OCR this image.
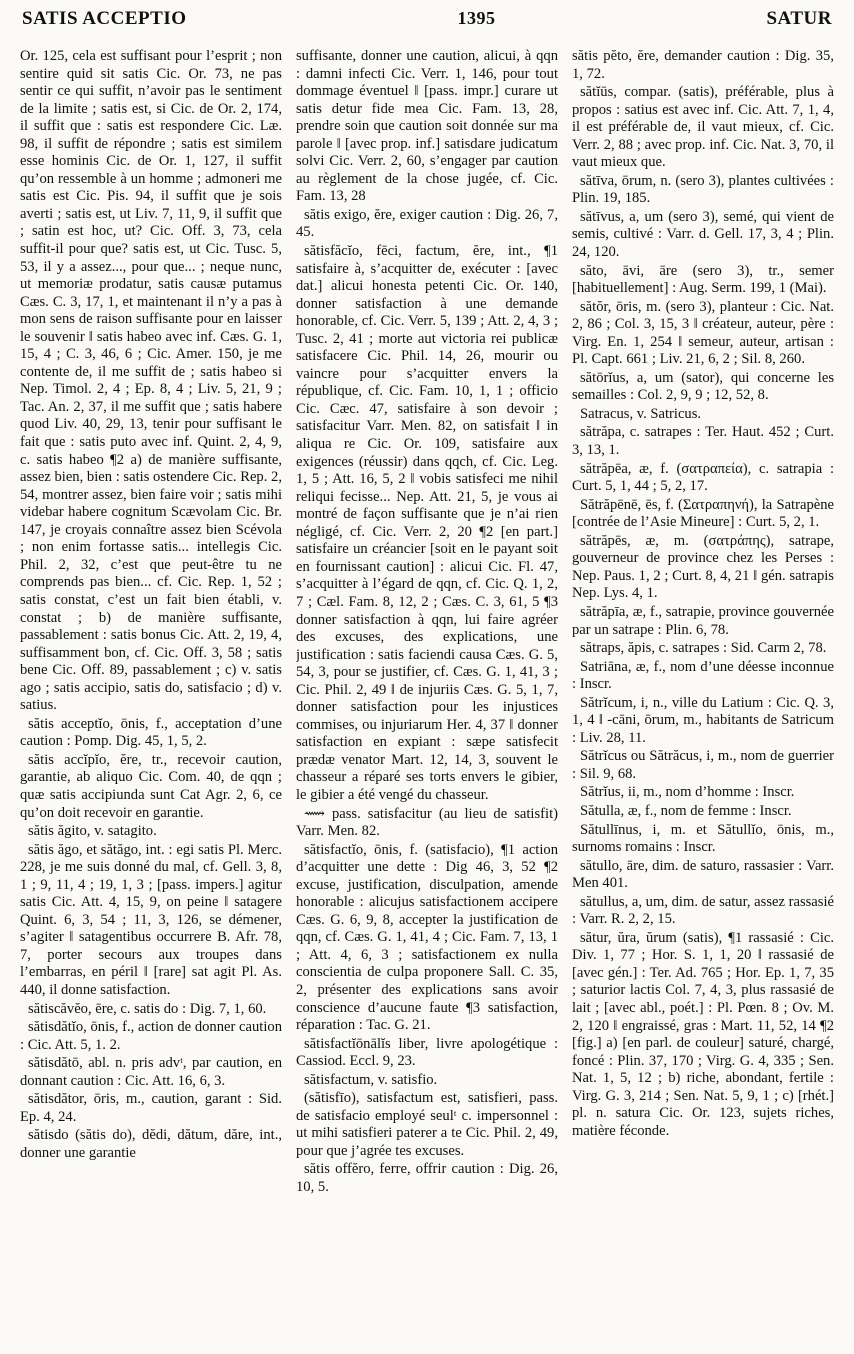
SATIS ACCEPTIO	1395	SATUR

Or. 125, cela est suffisant pour l’esprit ; non sentire quid sit satis Cic. Or. 73, ne pas sentir ce qui suffit, n’avoir pas le sentiment de la limite ; satis est, si Cic. de Or. 2, 174, il suffit que : satis est respondere Cic. Læ. 98, il suffit de répondre ; satis est similem esse hominis Cic. de Or. 1, 127, il suffit qu’on ressemble à un homme ; admoneri me satis est Cic. Pis. 94, il suffit que je sois averti ; satis est, ut Liv. 7, 11, 9, il suffit que ; satin est hoc, ut? Cic. Off. 3, 73, cela suffit-il pour que? satis est, ut Cic. Tusc. 5, 53, il y a assez..., pour que... ; neque nunc, ut memoriæ prodatur, satis causæ putamus Cæs. C. 3, 17, 1, et maintenant il n’y a pas à mon sens de raison suffisante pour en laisser le souvenir ‖ satis habeo avec inf. Cæs. G. 1, 15, 4 ; C. 3, 46, 6 ; Cic. Amer. 150, je me contente de, il me suffit de ; satis habeo si Nep. Timol. 2, 4 ; Ep. 8, 4 ; Liv. 5, 21, 9 ; Tac. An. 2, 37, il me suffit que ; satis habere quod Liv. 40, 29, 13, tenir pour suffisant le fait que : satis puto avec inf. Quint. 2, 4, 9, c. satis habeo ¶2 a) de manière suffisante, assez bien, bien : satis ostendere Cic. Rep. 2, 54, montrer assez, bien faire voir ; satis mihi videbar habere cognitum Scævolam Cic. Br. 147, je croyais connaître assez bien Scévola ; non enim fortasse satis... intellegis Cic. Phil. 2, 32, c’est que peut-être tu ne comprends pas bien... cf. Cic. Rep. 1, 52 ; satis constat, c’est un fait bien établi, v. constat ; b) de manière suffisante, passablement : satis bonus Cic. Att. 2, 19, 4, suffisamment bon, cf. Cic. Off. 3, 58 ; satis bene Cic. Off. 89, passablement ; c) v. satis ago ; satis accipio, satis do, satisfacio ; d) v. satius.

sătis acceptĭo, ōnis, f., acceptation d’une caution : Pomp. Dig. 45, 1, 5, 2.

sătis accĭpĭo, ĕre, tr., recevoir caution, garantie, ab aliquo Cic. Com. 40, de qqn ; quæ satis accipiunda sunt Cat Agr. 2, 6, ce qu’on doit recevoir en garantie.

sătis ăgito, v. satagito.

sătis ăgo, et sătăgo, int. : egi satis Pl. Merc. 228, je me suis donné du mal, cf. Gell. 3, 8, 1 ; 9, 11, 4 ; 19, 1, 3 ; [pass. impers.] agitur satis Cic. Att. 4, 15, 9, on peine ‖ satagere Quint. 6, 3, 54 ; 11, 3, 126, se démener, s’agiter ‖ satagentibus occurrere B. Afr. 78, 7, porter secours aux troupes dans l’embarras, en péril ‖ [rare] sat agit Pl. As. 440, il donne satisfaction.

sătiscăvĕo, ēre, c. satis do : Dig. 7, 1, 60.

sătisdătĭo, ōnis, f., action de donner caution : Cic. Att. 5, 1. 2.

sătisdătō, abl. n. pris advᵗ, par caution, en donnant caution : Cic. Att. 16, 6, 3.

sătisdător, ōris, m., caution, garant : Sid. Ep. 4, 24.

sătisdo (sătis do), dĕdi, dătum, dăre, int., donner une garantie

suffisante, donner une caution, alicui, à qqn : damni infecti Cic. Verr. 1, 146, pour tout dommage éventuel ‖ [pass. impr.] curare ut satis detur fide mea Cic. Fam. 13, 28, prendre soin que caution soit donnée sur ma parole ‖ [avec prop. inf.] satisdare judicatum solvi Cic. Verr. 2, 60, s’engager par caution au règlement de la chose jugée, cf. Cic. Fam. 13, 28

sătis exigo, ĕre, exiger caution : Dig. 26, 7, 45.

sătisfăcĭo, fēci, factum, ĕre, int., ¶1 satisfaire à, s’acquitter de, exécuter : [avec dat.] alicui honesta petenti Cic. Or. 140, donner satisfaction à une demande honorable, cf. Cic. Verr. 5, 139 ; Att. 2, 4, 3 ; Tusc. 2, 41 ; morte aut victoria rei publicæ satisfacere Cic. Phil. 14, 26, mourir ou vaincre pour s’acquitter envers la république, cf. Cic. Fam. 10, 1, 1 ; officio Cic. Cæc. 47, satisfaire à son devoir ; satisfacitur Varr. Men. 82, on satisfait ‖ in aliqua re Cic. Or. 109, satisfaire aux exigences (réussir) dans qqch, cf. Cic. Leg. 1, 5 ; Att. 16, 5, 2 ‖ vobis satisfeci me nihil reliqui fecisse... Nep. Att. 21, 5, je vous ai montré de façon suffisante que je n’ai rien négligé, cf. Cic. Verr. 2, 20 ¶2 [en part.] satisfaire un créancier [soit en le payant soit en fournissant caution] : alicui Cic. Fl. 47, s’acquitter à l’égard de qqn, cf. Cic. Q. 1, 2, 7 ; Cæl. Fam. 8, 12, 2 ; Cæs. C. 3, 61, 5 ¶3 donner satisfaction à qqn, lui faire agréer des excuses, des explications, une justification : satis faciendi causa Cæs. G. 5, 54, 3, pour se justifier, cf. Cæs. G. 1, 41, 3 ; Cic. Phil. 2, 49 ‖ de injuriis Cæs. G. 5, 1, 7, donner satisfaction pour les injustices commises, ou injuriarum Her. 4, 37 ‖ donner satisfaction en expiant : sæpe satisfecit prædæ venator Mart. 12, 14, 3, souvent le chasseur a réparé ses torts envers le gibier, le gibier a été vengé du chasseur.

⟿ pass. satisfacitur (au lieu de satisfit) Varr. Men. 82.

sătisfactĭo, ōnis, f. (satisfacio), ¶1 action d’acquitter une dette : Dig 46, 3, 52 ¶2 excuse, justification, disculpation, amende honorable : alicujus satisfactionem accipere Cæs. G. 6, 9, 8, accepter la justification de qqn, cf. Cæs. G. 1, 41, 4 ; Cic. Fam. 7, 13, 1 ; Att. 4, 6, 3 ; satisfactionem ex nulla conscientia de culpa proponere Sall. C. 35, 2, présenter des explications sans avoir conscience d’aucune faute ¶3 satisfaction, réparation : Tac. G. 21.

sătisfactĭōnālĭs liber, livre apologétique : Cassiod. Eccl. 9, 23.

sătisfactum, v. satisfio.

(sătisfīo), satisfactum est, satisfieri, pass. de satisfacio employé seulᵗ c. impersonnel : ut mihi satisfieri paterer a te Cic. Phil. 2, 49, pour que j’agrée tes excuses.

sătis offĕro, ferre, offrir caution : Dig. 26, 10, 5.

sătis pĕto, ĕre, demander caution : Dig. 35, 1, 72.

sătĭūs, compar. (satis), préférable, plus à propos : satius est avec inf. Cic. Att. 7, 1, 4, il est préférable de, il vaut mieux, cf. Cic. Verr. 2, 88 ; avec prop. inf. Cic. Nat. 3, 70, il vaut mieux que.

sătīva, ōrum, n. (sero 3), plantes cultivées : Plin. 19, 185.

sătīvus, a, um (sero 3), semé, qui vient de semis, cultivé : Varr. d. Gell. 17, 3, 4 ; Plin. 24, 120.

săto, āvi, āre (sero 3), tr., semer [habituellement] : Aug. Serm. 199, 1 (Mai).

sătŏr, ōris, m. (sero 3), planteur : Cic. Nat. 2, 86 ; Col. 3, 15, 3 ‖ créateur, auteur, père : Virg. En. 1, 254 ‖ semeur, auteur, artisan : Pl. Capt. 661 ; Liv. 21, 6, 2 ; Sil. 8, 260.

sătōrĭus, a, um (sator), qui concerne les semailles : Col. 2, 9, 9 ; 12, 52, 8.

Satracus, v. Satricus.

sătrăpa, c. satrapes : Ter. Haut. 452 ; Curt. 3, 13, 1.

sătrăpēa, æ, f. (σατραπεία), c. satrapia : Curt. 5, 1, 44 ; 5, 2, 17.

Sătrăpēnē, ēs, f. (Σατραπηνή), la Satrapène [contrée de l’Asie Mineure] : Curt. 5, 2, 1.

sătrăpēs, æ, m. (σατράπης), satrape, gouverneur de province chez les Perses : Nep. Paus. 1, 2 ; Curt. 8, 4, 21 ‖ gén. satrapis Nep. Lys. 4, 1.

sătrăpīa, æ, f., satrapie, province gouvernée par un satrape : Plin. 6, 78.

sătraps, ăpis, c. satrapes : Sid. Carm 2, 78.

Satriāna, æ, f., nom d’une déesse inconnue : Inscr.

Sătrĭcum, i, n., ville du Latium : Cic. Q. 3, 1, 4 ‖ -cāni, ōrum, m., habitants de Satricum : Liv. 28, 11.

Sătrĭcus ou Sătrăcus, i, m., nom de guerrier : Sil. 9, 68.

Sătrĭus, ii, m., nom d’homme : Inscr.

Sătulla, æ, f., nom de femme : Inscr.

Sătullīnus, i, m. et Sătullĭo, ōnis, m., surnoms romains : Inscr.

sătullo, āre, dim. de saturo, rassasier : Varr. Men 401.

sătullus, a, um, dim. de satur, assez rassasié : Varr. R. 2, 2, 15.

sătur, ŭra, ŭrum (satis), ¶1 rassasié : Cic. Div. 1, 77 ; Hor. S. 1, 1, 20 ‖ rassasié de [avec gén.] : Ter. Ad. 765 ; Hor. Ep. 1, 7, 35 ; saturior lactis Col. 7, 4, 3, plus rassasié de lait ; [avec abl., poét.] : Pl. Pœn. 8 ; Ov. M. 2, 120 ‖ engraissé, gras : Mart. 11, 52, 14 ¶2 [fig.] a) [en parl. de couleur] saturé, chargé, foncé : Plin. 37, 170 ; Virg. G. 4, 335 ; Sen. Nat. 1, 5, 12 ; b) riche, abondant, fertile : Virg. G. 3, 214 ; Sen. Nat. 5, 9, 1 ; c) [rhét.] pl. n. satura Cic. Or. 123, sujets riches, matière féconde.
